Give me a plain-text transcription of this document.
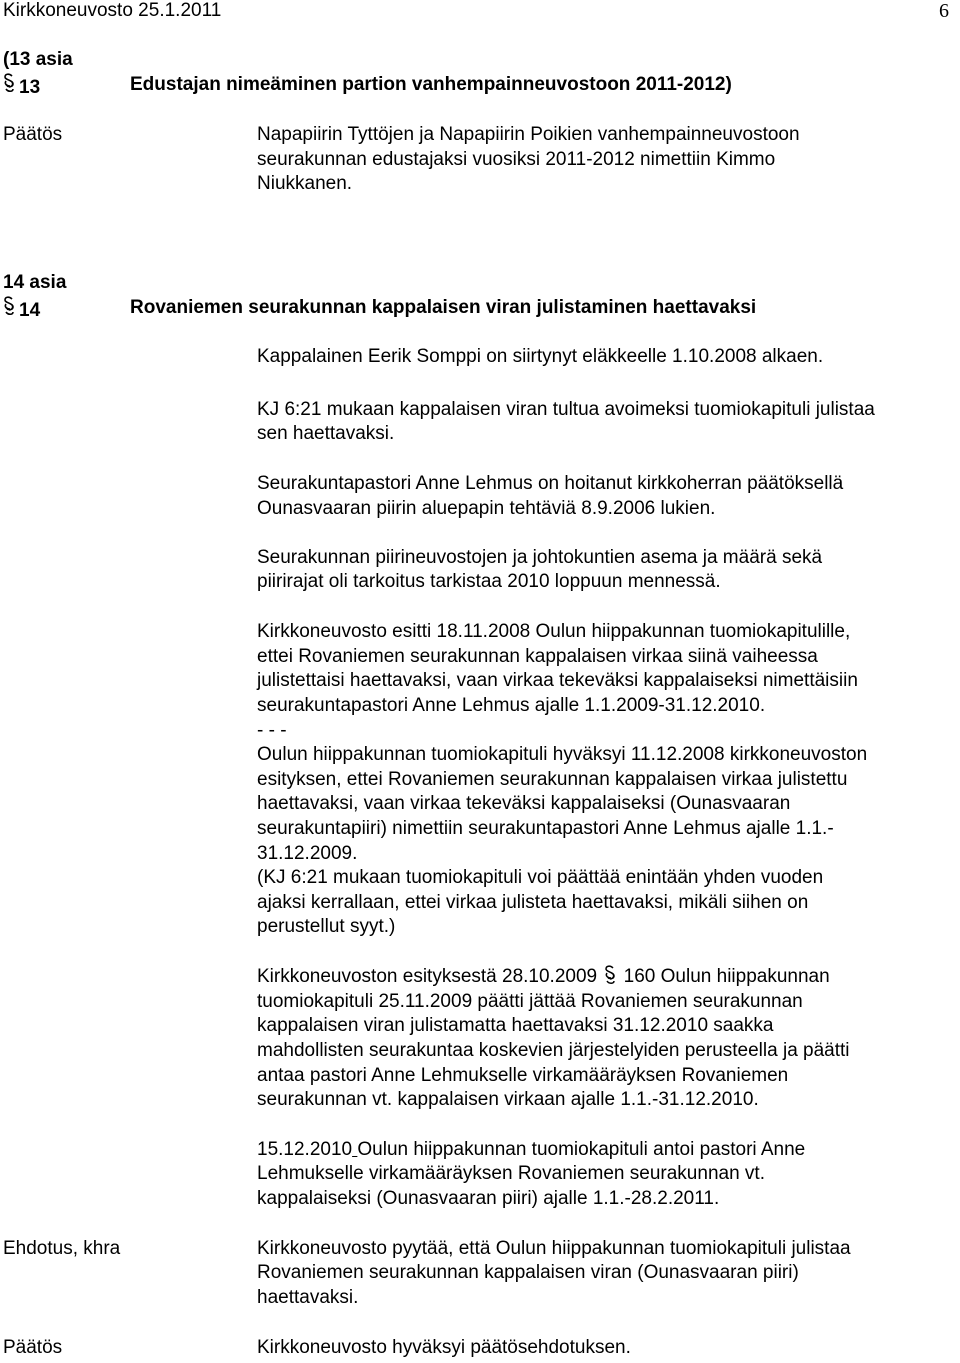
Kirkkoneuvosto 25.1.2011	6
(13 asia
13	Edustajan nimeäminen partion vanhempainneuvostoon 2011-2012)
Päätös	Napapiirin Tyttöjen ja Napapiirin Poikien vanhempainneuvostoon
seurakunnan edustajaksi vuosiksi 2011-2012 nimettiin Kimmo
Niukkanen.
14 asia
14	Rovaniemen seurakunnan kappalaisen viran julistaminen haettavaksi
Kappalainen Eerik Somppi on siirtynyt eläkkeelle 1.10.2008 alkaen.
KJ 6:21 mukaan kappalaisen viran tultua avoimeksi tuomiokapituli julistaa
sen haettavaksi.
Seurakuntapastori Anne Lehmus on hoitanut kirkkoherran päätöksellä
Ounasvaaran piirin aluepapin tehtäviä 8.9.2006 lukien.
Seurakunnan piirineuvostojen ja johtokuntien asema ja määrä sekä
piirirajat oli tarkoitus tarkistaa 2010 loppuun mennessä.
Kirkkoneuvosto esitti 18.11.2008 Oulun hiippakunnan tuomiokapitulille,
ettei Rovaniemen seurakunnan kappalaisen virkaa siinä vaiheessa
julistettaisi haettavaksi, vaan virkaa tekeväksi kappalaiseksi nimettäisiin
seurakuntapastori Anne Lehmus ajalle 1.1.2009-31.12.2010.
- - -
Oulun hiippakunnan tuomiokapituli hyväksyi 11.12.2008 kirkkoneuvoston
esityksen, ettei Rovaniemen seurakunnan kappalaisen virkaa julistettu
haettavaksi, vaan virkaa tekeväksi kappalaiseksi (Ounasvaaran
seurakuntapiiri) nimettiin seurakuntapastori Anne Lehmus ajalle 1.1.-
31.12.2009.
(KJ 6:21 mukaan tuomiokapituli voi päättää enintään yhden vuoden
ajaksi kerrallaan, ettei virkaa julisteta haettavaksi, mikäli siihen on
perustellut syyt.)
Kirkkoneuvoston esityksestä 28.10.2009  160 Oulun hiippakunnan
tuomiokapituli 25.11.2009 päätti jättää Rovaniemen seurakunnan
kappalaisen viran julistamatta haettavaksi 31.12.2010 saakka
mahdollisten seurakuntaa koskevien järjestelyiden perusteella ja päätti
antaa pastori Anne Lehmukselle virkamääräyksen Rovaniemen
seurakunnan vt. kappalaisen virkaan ajalle 1.1.-31.12.2010.
15.12.2010 Oulun hiippakunnan tuomiokapituli antoi pastori Anne
Lehmukselle virkamääräyksen Rovaniemen seurakunnan vt.
kappalaiseksi (Ounasvaaran piiri) ajalle 1.1.-28.2.2011.
Ehdotus, khra	Kirkkoneuvosto pyytää, että Oulun hiippakunnan tuomiokapituli julistaa
Rovaniemen seurakunnan kappalaisen viran (Ounasvaaran piiri)
haettavaksi.
Päätös	Kirkkoneuvosto hyväksyi päätösehdotuksen.
